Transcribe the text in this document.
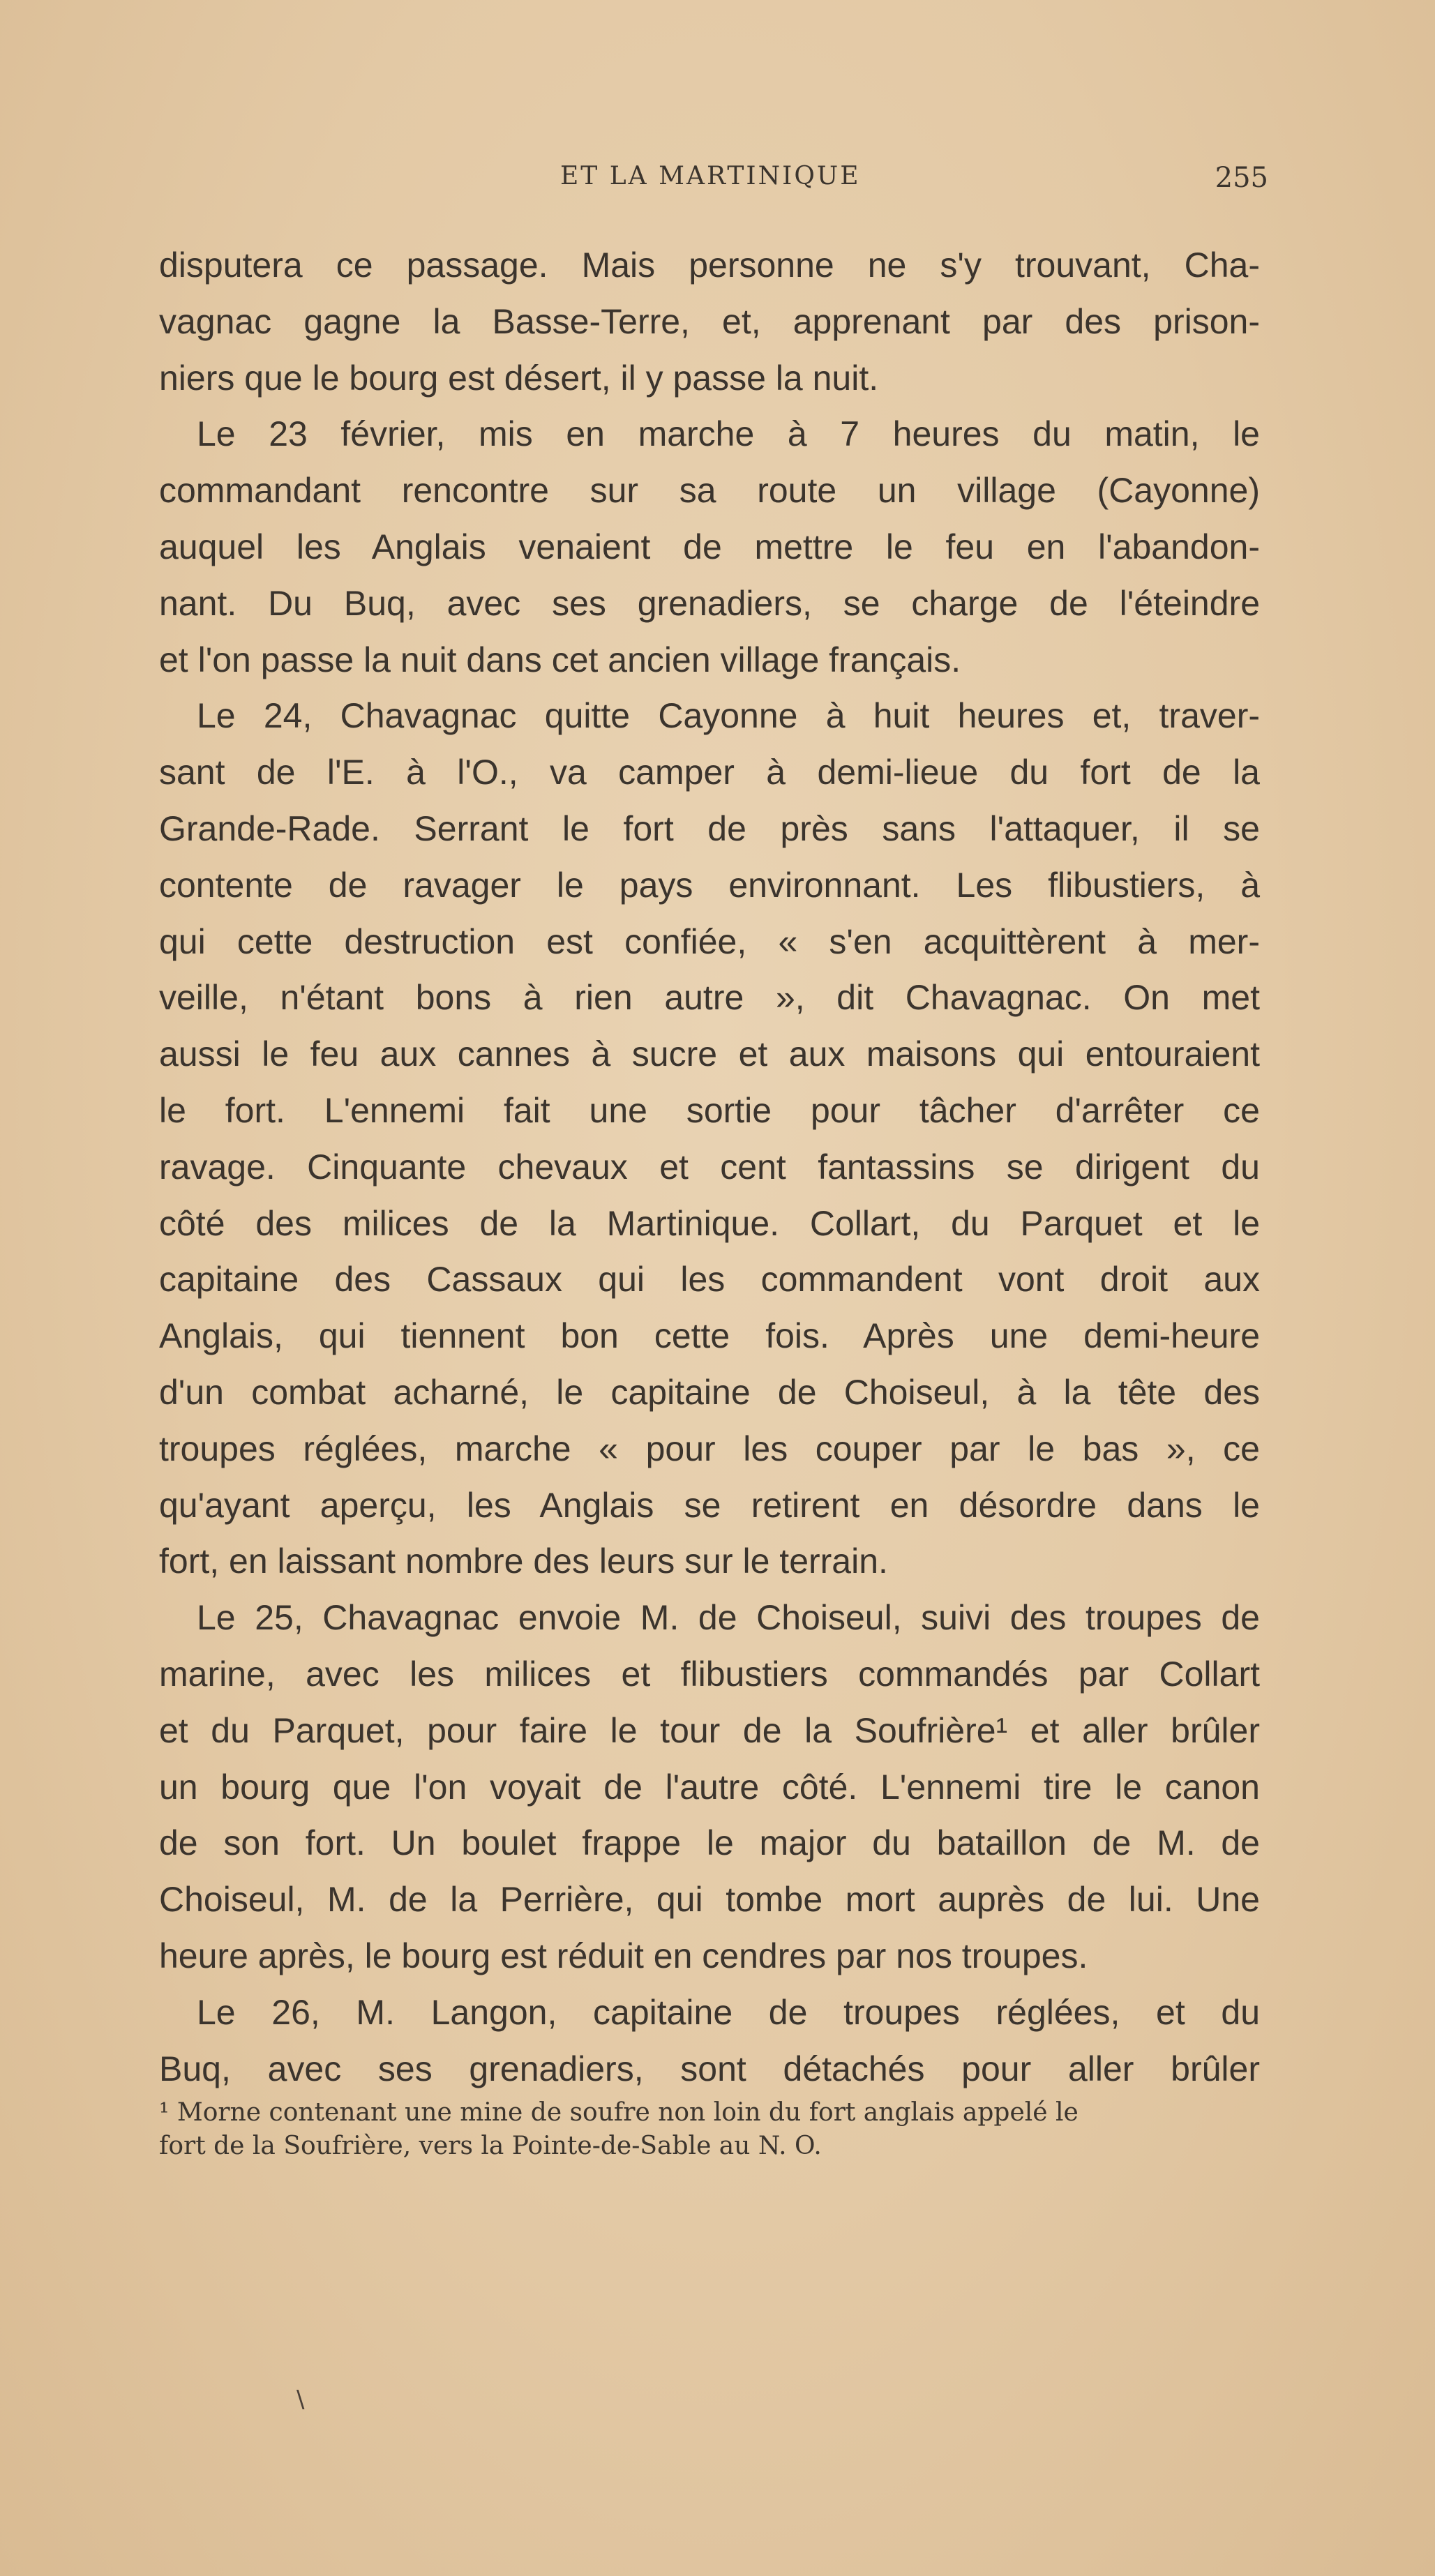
ET LA MARTINIQUE	255
disputera ce passage. Mais personne ne s'y trouvant, Cha-
vagnac gagne la Basse-Terre, et, apprenant par des prison-
niers que le bourg est désert, il y passe la nuit.
Le 23 février, mis en marche à 7 heures du matin, le
commandant rencontre sur sa route un village (Cayonne)
auquel les Anglais venaient de mettre le feu en l'abandon-
nant. Du Buq, avec ses grenadiers, se charge de l'éteindre
et l'on passe la nuit dans cet ancien village français.
Le 24, Chavagnac quitte Cayonne à huit heures et, traver-
sant de l'E. à l'O., va camper à demi-lieue du fort de la
Grande-Rade. Serrant le fort de près sans l'attaquer, il se
contente de ravager le pays environnant. Les flibustiers, à
qui cette destruction est confiée, « s'en acquittèrent à mer-
veille, n'étant bons à rien autre », dit Chavagnac. On met
aussi le feu aux cannes à sucre et aux maisons qui entouraient
le fort. L'ennemi fait une sortie pour tâcher d'arrêter ce
ravage. Cinquante chevaux et cent fantassins se dirigent du
côté des milices de la Martinique. Collart, du Parquet et le
capitaine des Cassaux qui les commandent vont droit aux
Anglais, qui tiennent bon cette fois. Après une demi-heure
d'un combat acharné, le capitaine de Choiseul, à la tête des
troupes réglées, marche « pour les couper par le bas », ce
qu'ayant aperçu, les Anglais se retirent en désordre dans le
fort, en laissant nombre des leurs sur le terrain.
Le 25, Chavagnac envoie M. de Choiseul, suivi des troupes de
marine, avec les milices et flibustiers commandés par Collart
et du Parquet, pour faire le tour de la Soufrière¹ et aller brûler
un bourg que l'on voyait de l'autre côté. L'ennemi tire le canon
de son fort. Un boulet frappe le major du bataillon de M. de
Choiseul, M. de la Perrière, qui tombe mort auprès de lui. Une
heure après, le bourg est réduit en cendres par nos troupes.
Le 26, M. Langon, capitaine de troupes réglées, et du
Buq, avec ses grenadiers, sont détachés pour aller brûler
¹ Morne contenant une mine de soufre non loin du fort anglais appelé le
fort de la Soufrière, vers la Pointe-de-Sable au N. O.
\
